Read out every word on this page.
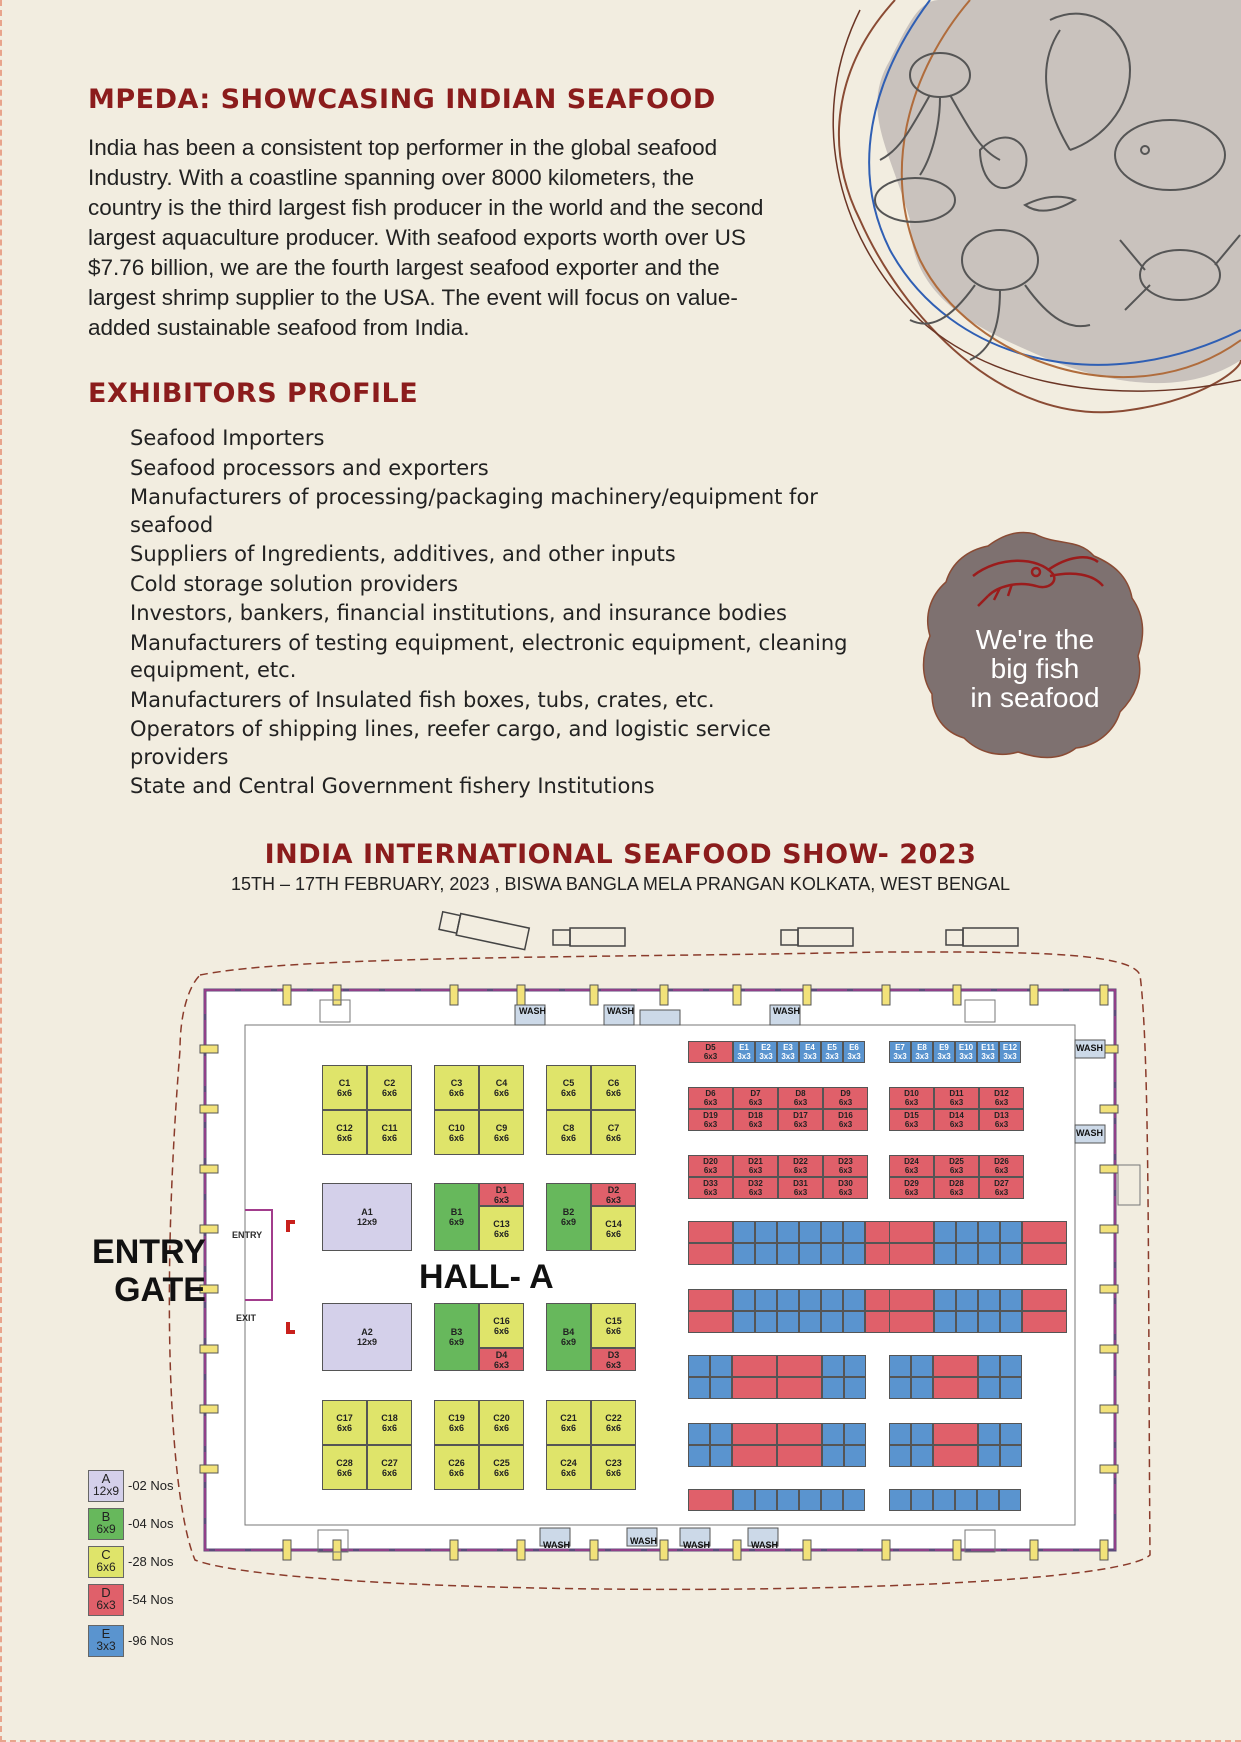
MPEDA: SHOWCASING INDIAN SEAFOOD
India has been a consistent top performer in the global seafood Industry. With a coastline spanning over 8000 kilometers, the country is the third largest fish producer in the world and the second largest aquaculture producer. With seafood exports worth over US $7.76 billion, we are the fourth largest seafood exporter and the largest shrimp supplier to the USA. The event will focus on value-added sustainable seafood from India.
EXHIBITORS PROFILE
Seafood Importers
Seafood processors and exporters
Manufacturers of processing/packaging machinery/equipment for seafood
Suppliers of Ingredients, additives, and other inputs
Cold storage solution providers
Investors, bankers, financial institutions, and insurance bodies
Manufacturers of testing equipment, electronic equipment, cleaning equipment, etc.
Manufacturers of Insulated fish boxes, tubs, crates, etc.
Operators of shipping lines, reefer cargo, and logistic service providers
State and Central Government fishery Institutions
We're the
big fish
in seafood
INDIA INTERNATIONAL SEAFOOD SHOW- 2023
15TH – 17TH FEBRUARY, 2023 , BISWA BANGLA MELA PRANGAN KOLKATA, WEST BENGAL
WASH	WASH	WASH
WASH
WASH
WASH	WASH	WASH	WASH
C1
6x6
C2
6x6
C12
6x6
C11
6x6
C3
6x6
C4
6x6
C10
6x6
C9
6x6
C5
6x6
C6
6x6
C8
6x6
C7
6x6
A1
12x9
B1
6x9
D1
6x3
C13
6x6
B2
6x9
D2
6x3
C14
6x6
A2
12x9
B3
6x9
C16
6x6
D4
6x3
B4
6x9
C15
6x6
D3
6x3
C17
6x6
C18
6x6
C28
6x6
C27
6x6
C19
6x6
C20
6x6
C26
6x6
C25
6x6
C21
6x6
C22
6x6
C24
6x6
C23
6x6
D5
6x3
E1
3x3
E2
3x3
E3
3x3
E4
3x3
E5
3x3
E6
3x3
E7
3x3
E8
3x3
E9
3x3
E10
3x3
E11
3x3
E12
3x3
D6
6x3
D7
6x3
D8
6x3
D9
6x3
D10
6x3
D11
6x3
D12
6x3
D19
6x3
D18
6x3
D17
6x3
D16
6x3
D15
6x3
D14
6x3
D13
6x3
D20
6x3
D21
6x3
D22
6x3
D23
6x3
D24
6x3
D25
6x3
D26
6x3
D33
6x3
D32
6x3
D31
6x3
D30
6x3
D29
6x3
D28
6x3
D27
6x3
ENTRY
GATE	HALL- A
ENTRY
EXIT
A
12x9 -02 Nos
B
6x9 -04 Nos
C
6x6 -28 Nos
D
6x3 -54 Nos
E
3x3 -96 Nos
